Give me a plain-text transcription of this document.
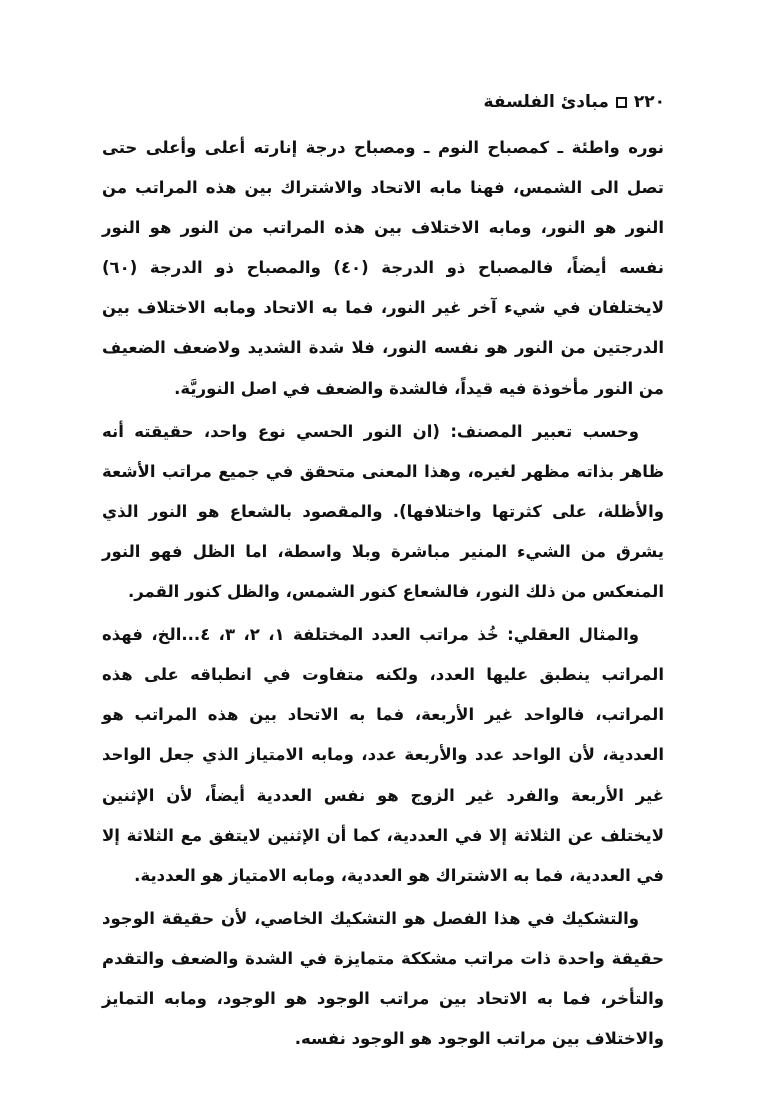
٢٢٠
مبادئ الفلسفة

نوره واطئة ـ كمصباح النوم ـ ومصباح درجة إنارته أعلى وأعلى حتى تصل الى الشمس، فهنا مابه الاتحاد والاشتراك بين هذه المراتب من النور هو النور، ومابه الاختلاف بين هذه المراتب من النور هو النور نفسه أيضاً، فالمصباح ذو الدرجة (٤٠) والمصباح ذو الدرجة (٦٠) لايختلفان في شيء آخر غير النور، فما به الاتحاد ومابه الاختلاف بين الدرجتين من النور هو نفسه النور، فلا شدة الشديد ولاضعف الضعيف من النور مأخوذة فيه قيداً، فالشدة والضعف في اصل النوريَّة.

وحسب تعبير المصنف: (ان النور الحسي نوع واحد، حقيقته أنه ظاهر بذاته مظهر لغيره، وهذا المعنى متحقق في جميع مراتب الأشعة والأظلة، على كثرتها واختلافها). والمقصود بالشعاع هو النور الذي يشرق من الشيء المنير مباشرة وبلا واسطة، اما الظل فهو النور المنعكس من ذلك النور، فالشعاع كنور الشمس، والظل كنور القمر.

والمثال العقلي: خُذ مراتب العدد المختلفة ١، ٢، ٣، ٤...الخ، فهذه المراتب ينطبق عليها العدد، ولكنه متفاوت في انطباقه على هذه المراتب، فالواحد غير الأربعة، فما به الاتحاد بين هذه المراتب هو العددية، لأن الواحد عدد والأربعة عدد، ومابه الامتياز الذي جعل الواحد غير الأربعة والفرد غير الزوج هو نفس العددية أيضاً، لأن الإثنين لايختلف عن الثلاثة إلا في العددية، كما أن الإثنين لايتفق مع الثلاثة إلا في العددية، فما به الاشتراك هو العددية، ومابه الامتياز هو العددية.

والتشكيك في هذا الفصل هو التشكيك الخاصي، لأن حقيقة الوجود حقيقة واحدة ذات مراتب مشككة متمايزة في الشدة والضعف والتقدم والتأخر، فما به الاتحاد بين مراتب الوجود هو الوجود، ومابه التمايز والاختلاف بين مراتب الوجود هو الوجود نفسه.
